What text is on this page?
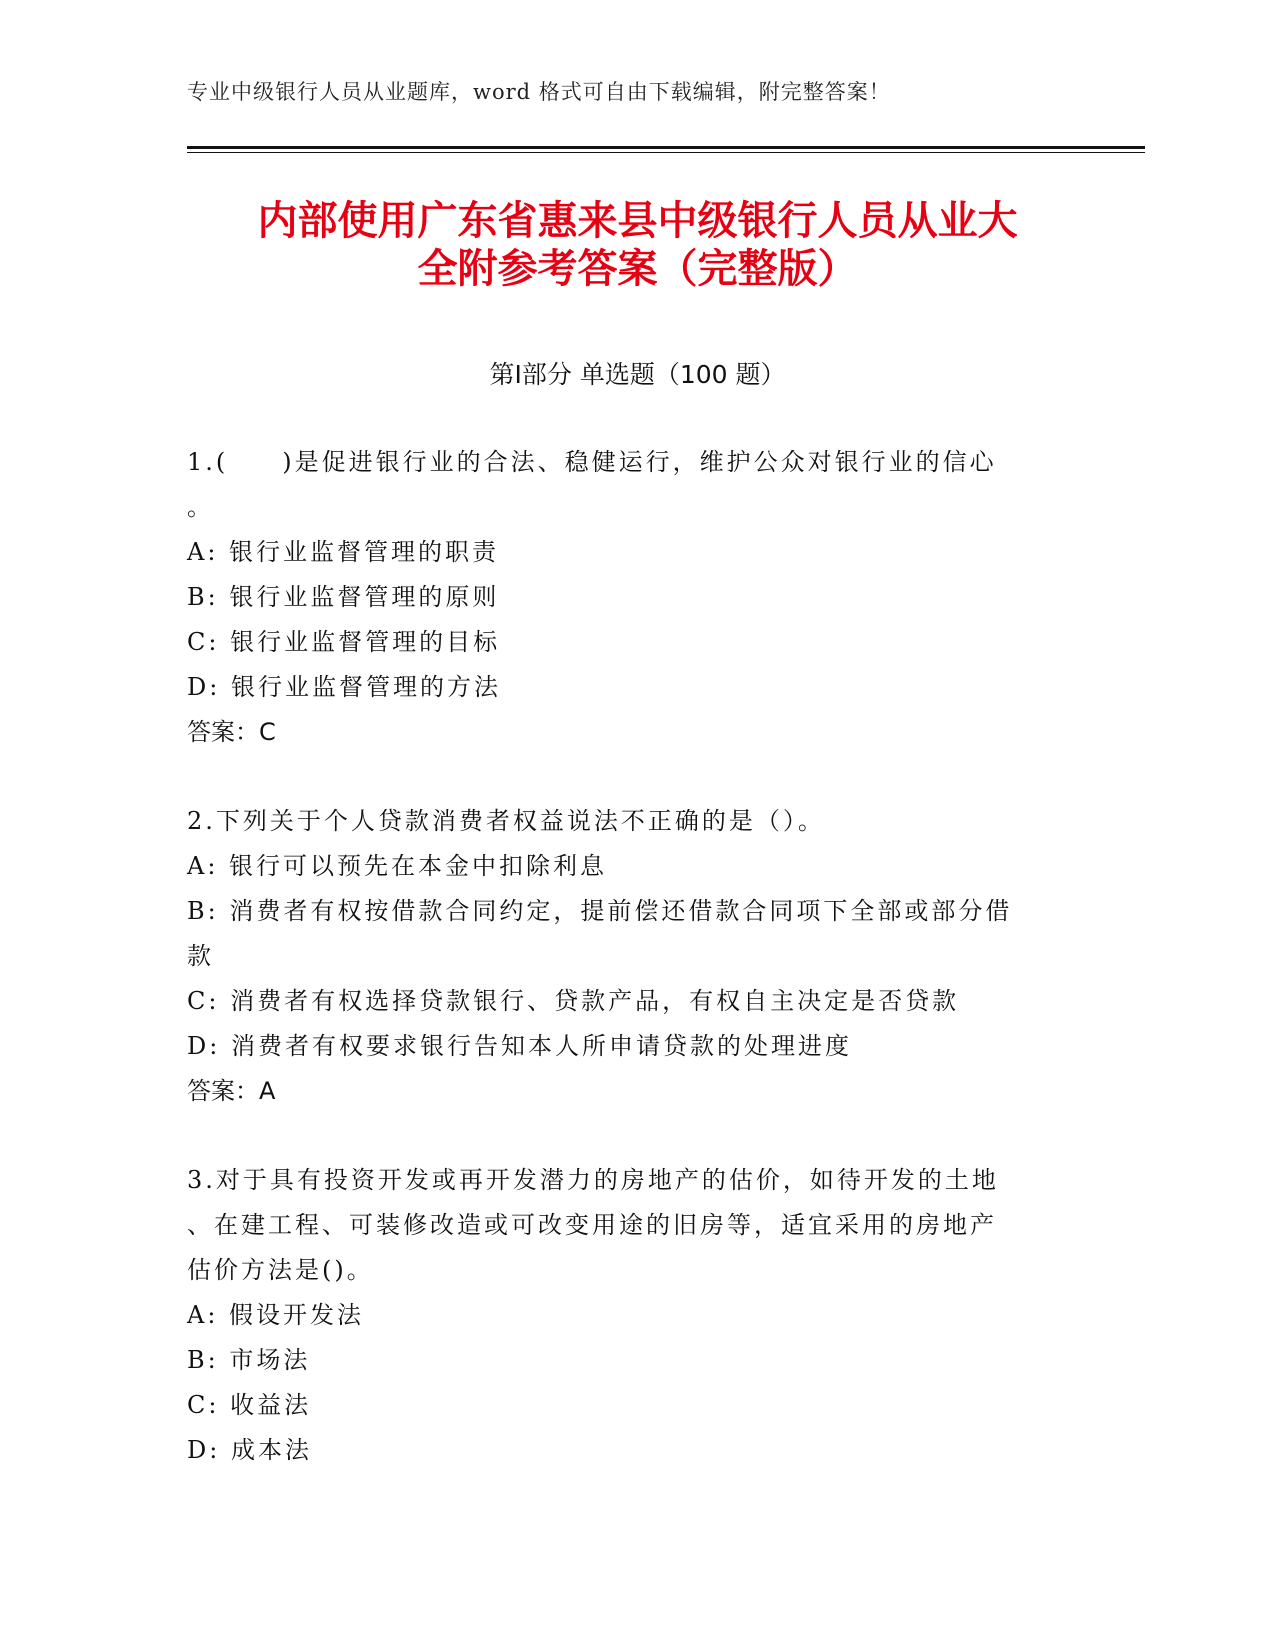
专业中级银行人员从业题库，word 格式可自由下载编辑，附完整答案！
内部使用广东省惠来县中级银行人员从业大
全附参考答案（完整版）
第Ⅰ部分 单选题（100 题）

1.(　　)是促进银行业的合法、稳健运行，维护公众对银行业的信心

。

A: 银行业监督管理的职责

B: 银行业监督管理的原则

C: 银行业监督管理的目标

D: 银行业监督管理的方法

答案：C

2.下列关于个人贷款消费者权益说法不正确的是（）。

A: 银行可以预先在本金中扣除利息

B: 消费者有权按借款合同约定，提前偿还借款合同项下全部或部分借

款

C: 消费者有权选择贷款银行、贷款产品，有权自主决定是否贷款

D: 消费者有权要求银行告知本人所申请贷款的处理进度

答案：A

3.对于具有投资开发或再开发潜力的房地产的估价，如待开发的土地

、在建工程、可装修改造或可改变用途的旧房等，适宜采用的房地产

估价方法是()。

A: 假设开发法

B: 市场法

C: 收益法

D: 成本法
